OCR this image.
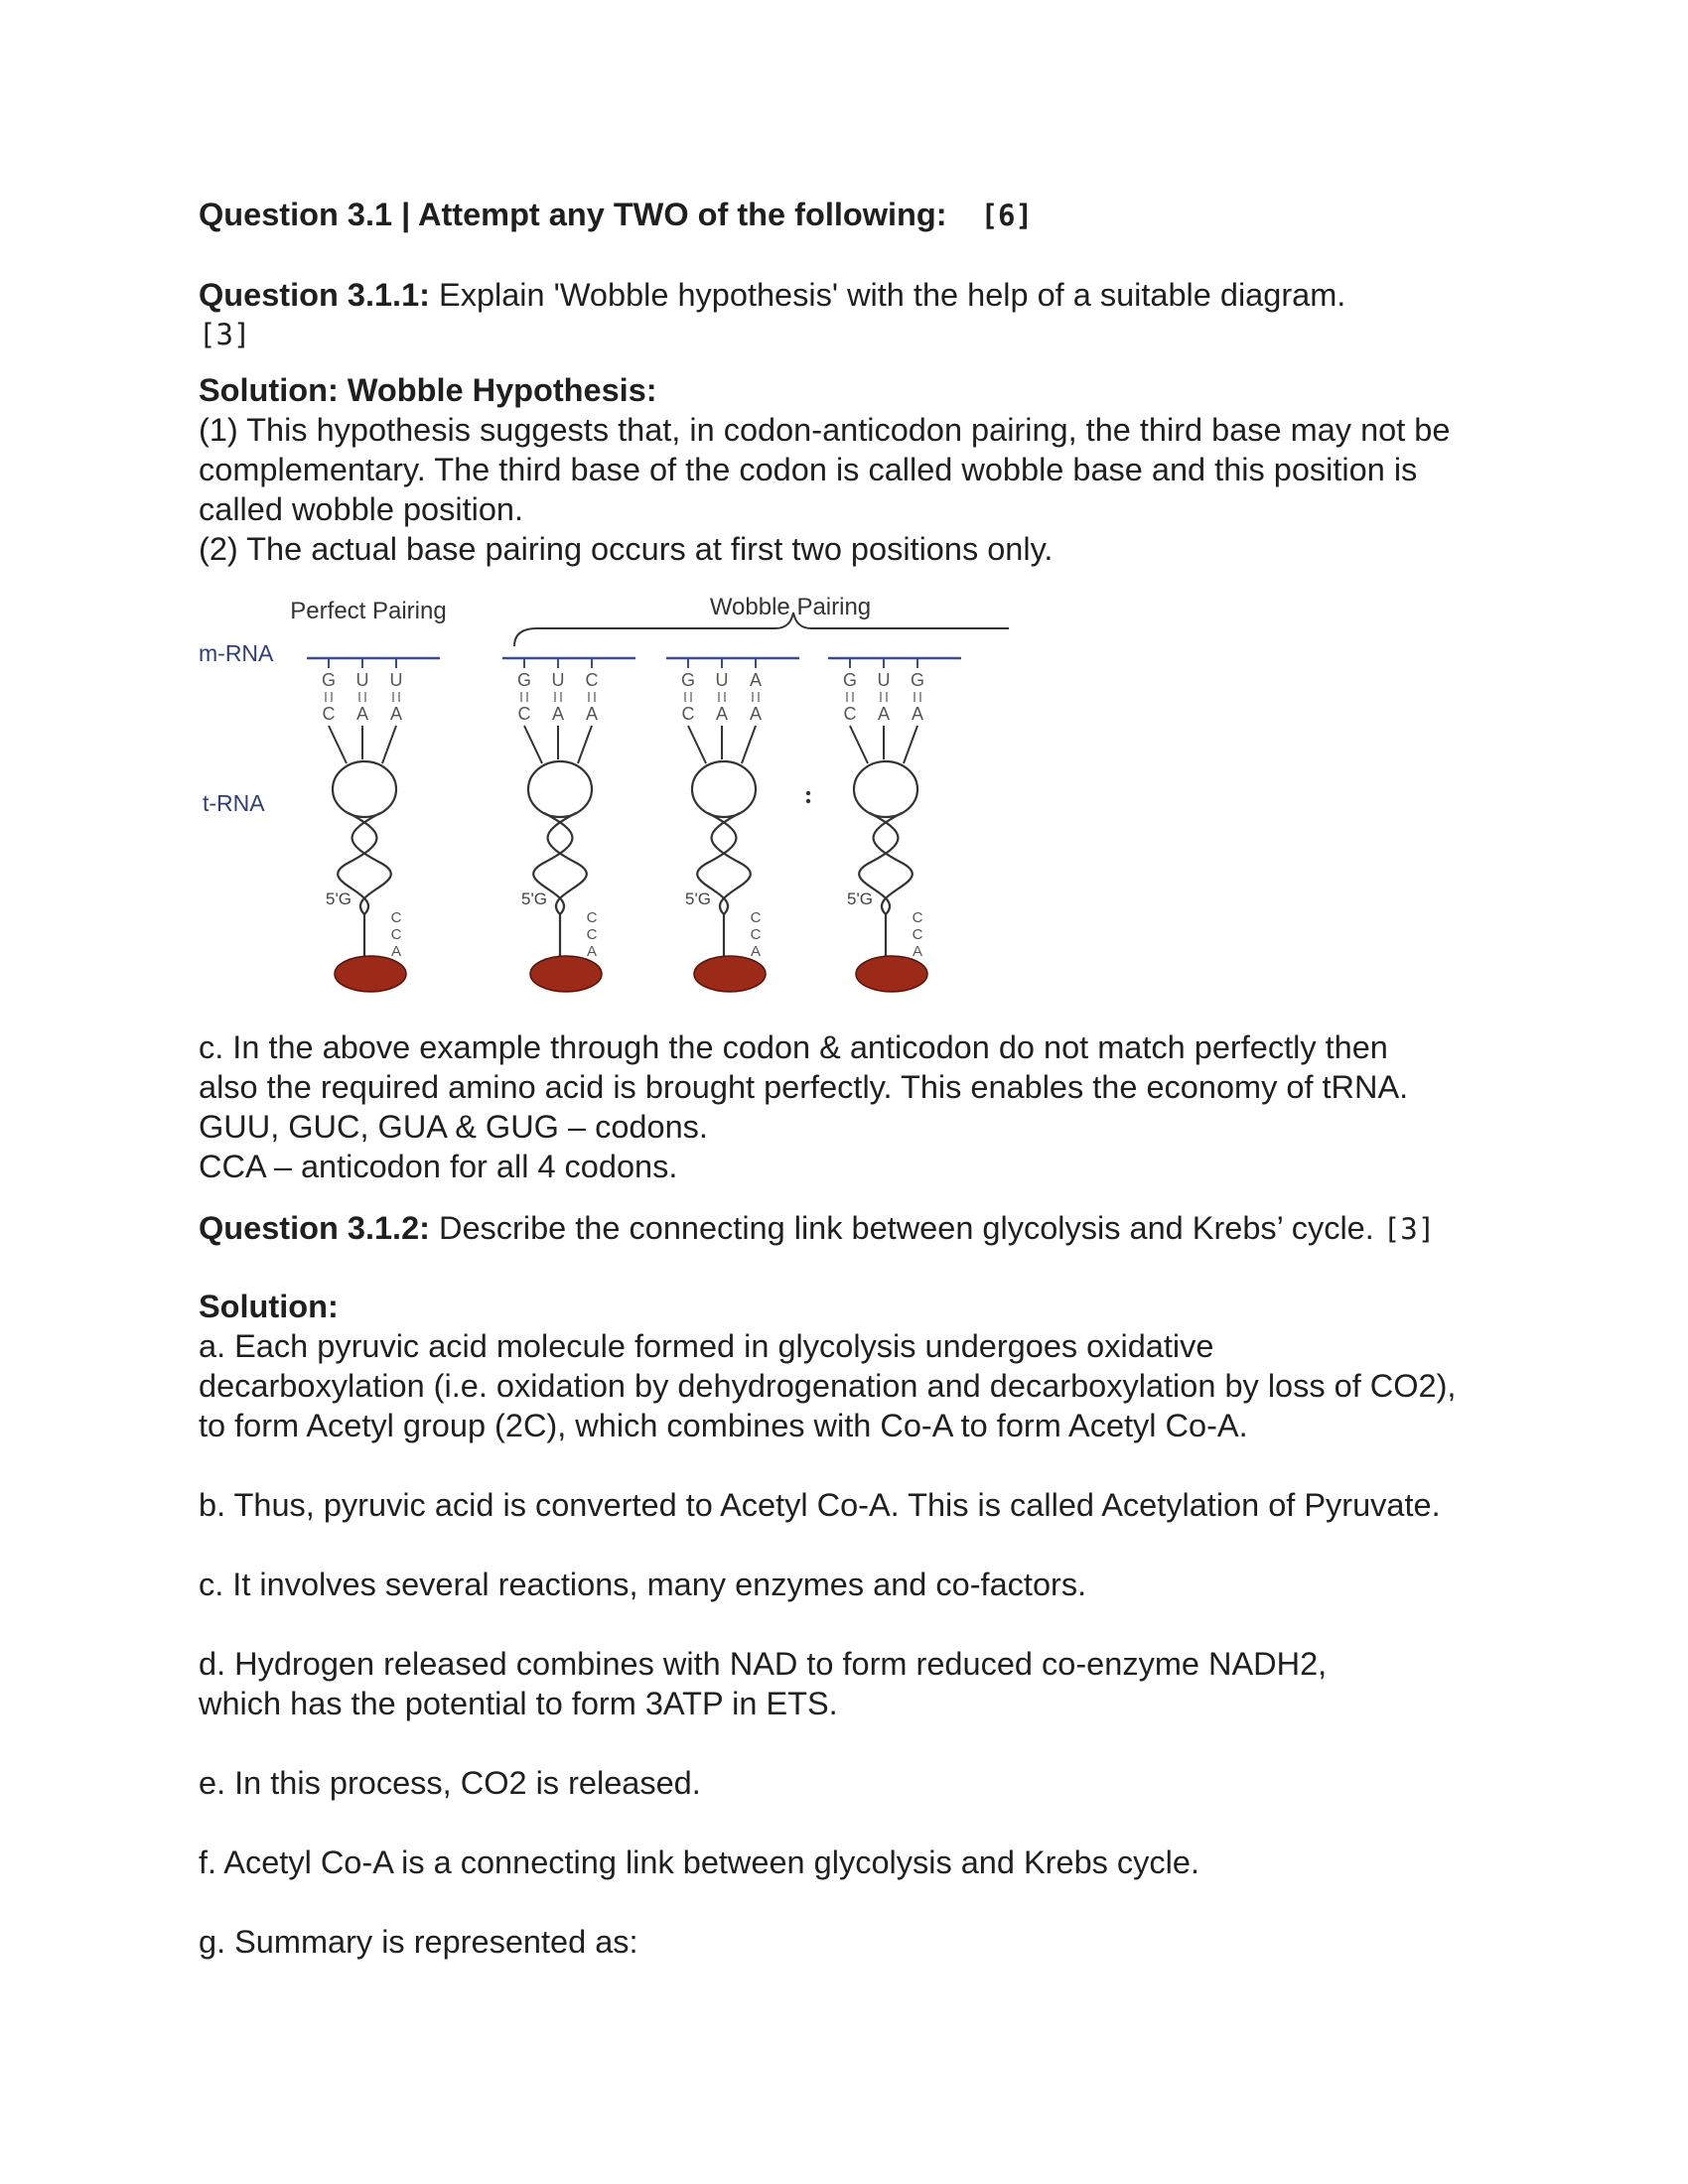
Question 3.1 | Attempt any TWO of the following: [6]

Question 3.1.1: Explain 'Wobble hypothesis' with the help of a suitable diagram.

[3]

Solution: Wobble Hypothesis:

(1) This hypothesis suggests that, in codon-anticodon pairing, the third base may not be

complementary. The third base of the codon is called wobble base and this position is

called wobble position.

(2) The actual base pairing occurs at first two positions only.

Perfect Pairing	Wobble Pairing
m-RNA
t-RNA
G
C
U
A
U
A
5'G
C
C
A
G
C
U
A
C
A
5'G
C
C
A
G
C
U
A
A
A
5'G
C
C
A
G
C
U
A
G
A
5'G
C
C
A

c. In the above example through the codon & anticodon do not match perfectly then

also the required amino acid is brought perfectly. This enables the economy of tRNA.

GUU, GUC, GUA & GUG – codons.

CCA – anticodon for all 4 codons.

Question 3.1.2: Describe the connecting link between glycolysis and Krebs’ cycle. [3]

Solution:

a. Each pyruvic acid molecule formed in glycolysis undergoes oxidative

decarboxylation (i.e. oxidation by dehydrogenation and decarboxylation by loss of CO2),

to form Acetyl group (2C), which combines with Co-A to form Acetyl Co-A.

b. Thus, pyruvic acid is converted to Acetyl Co-A. This is called Acetylation of Pyruvate.

c. It involves several reactions, many enzymes and co-factors.

d. Hydrogen released combines with NAD to form reduced co-enzyme NADH2,

which has the potential to form 3ATP in ETS.

e. In this process, CO2 is released.

f. Acetyl Co-A is a connecting link between glycolysis and Krebs cycle.

g. Summary is represented as:
